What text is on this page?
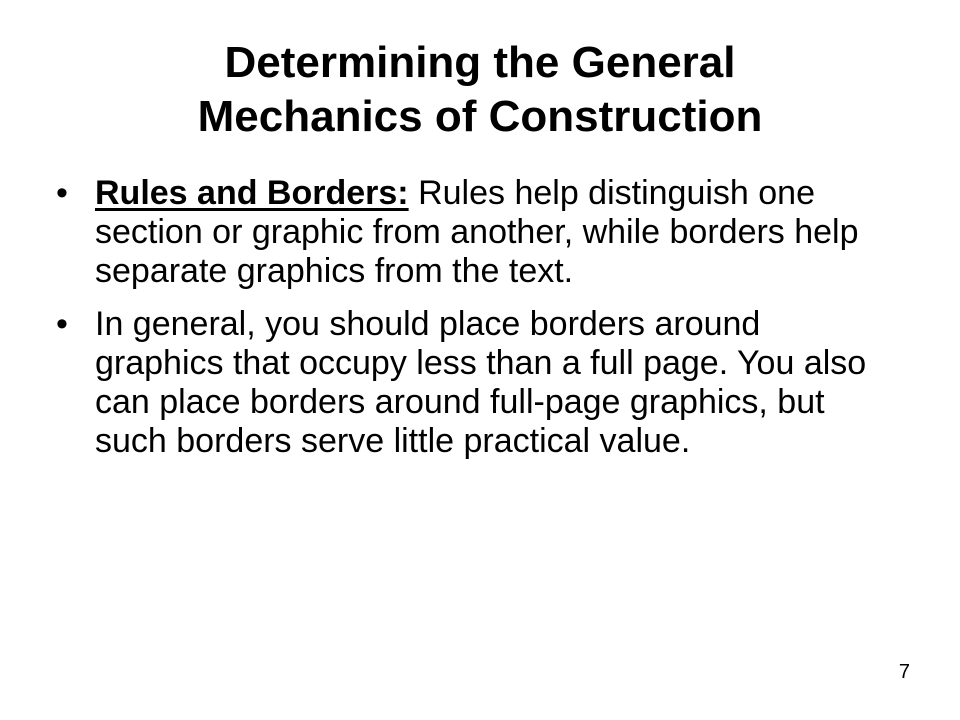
Determining the General
Mechanics of Construction
• Rules and Borders: Rules help distinguish one section or graphic from another, while borders help separate graphics from the text.
• In general, you should place borders around graphics that occupy less than a full page. You also can place borders around full-page graphics, but such borders serve little practical value.
7
